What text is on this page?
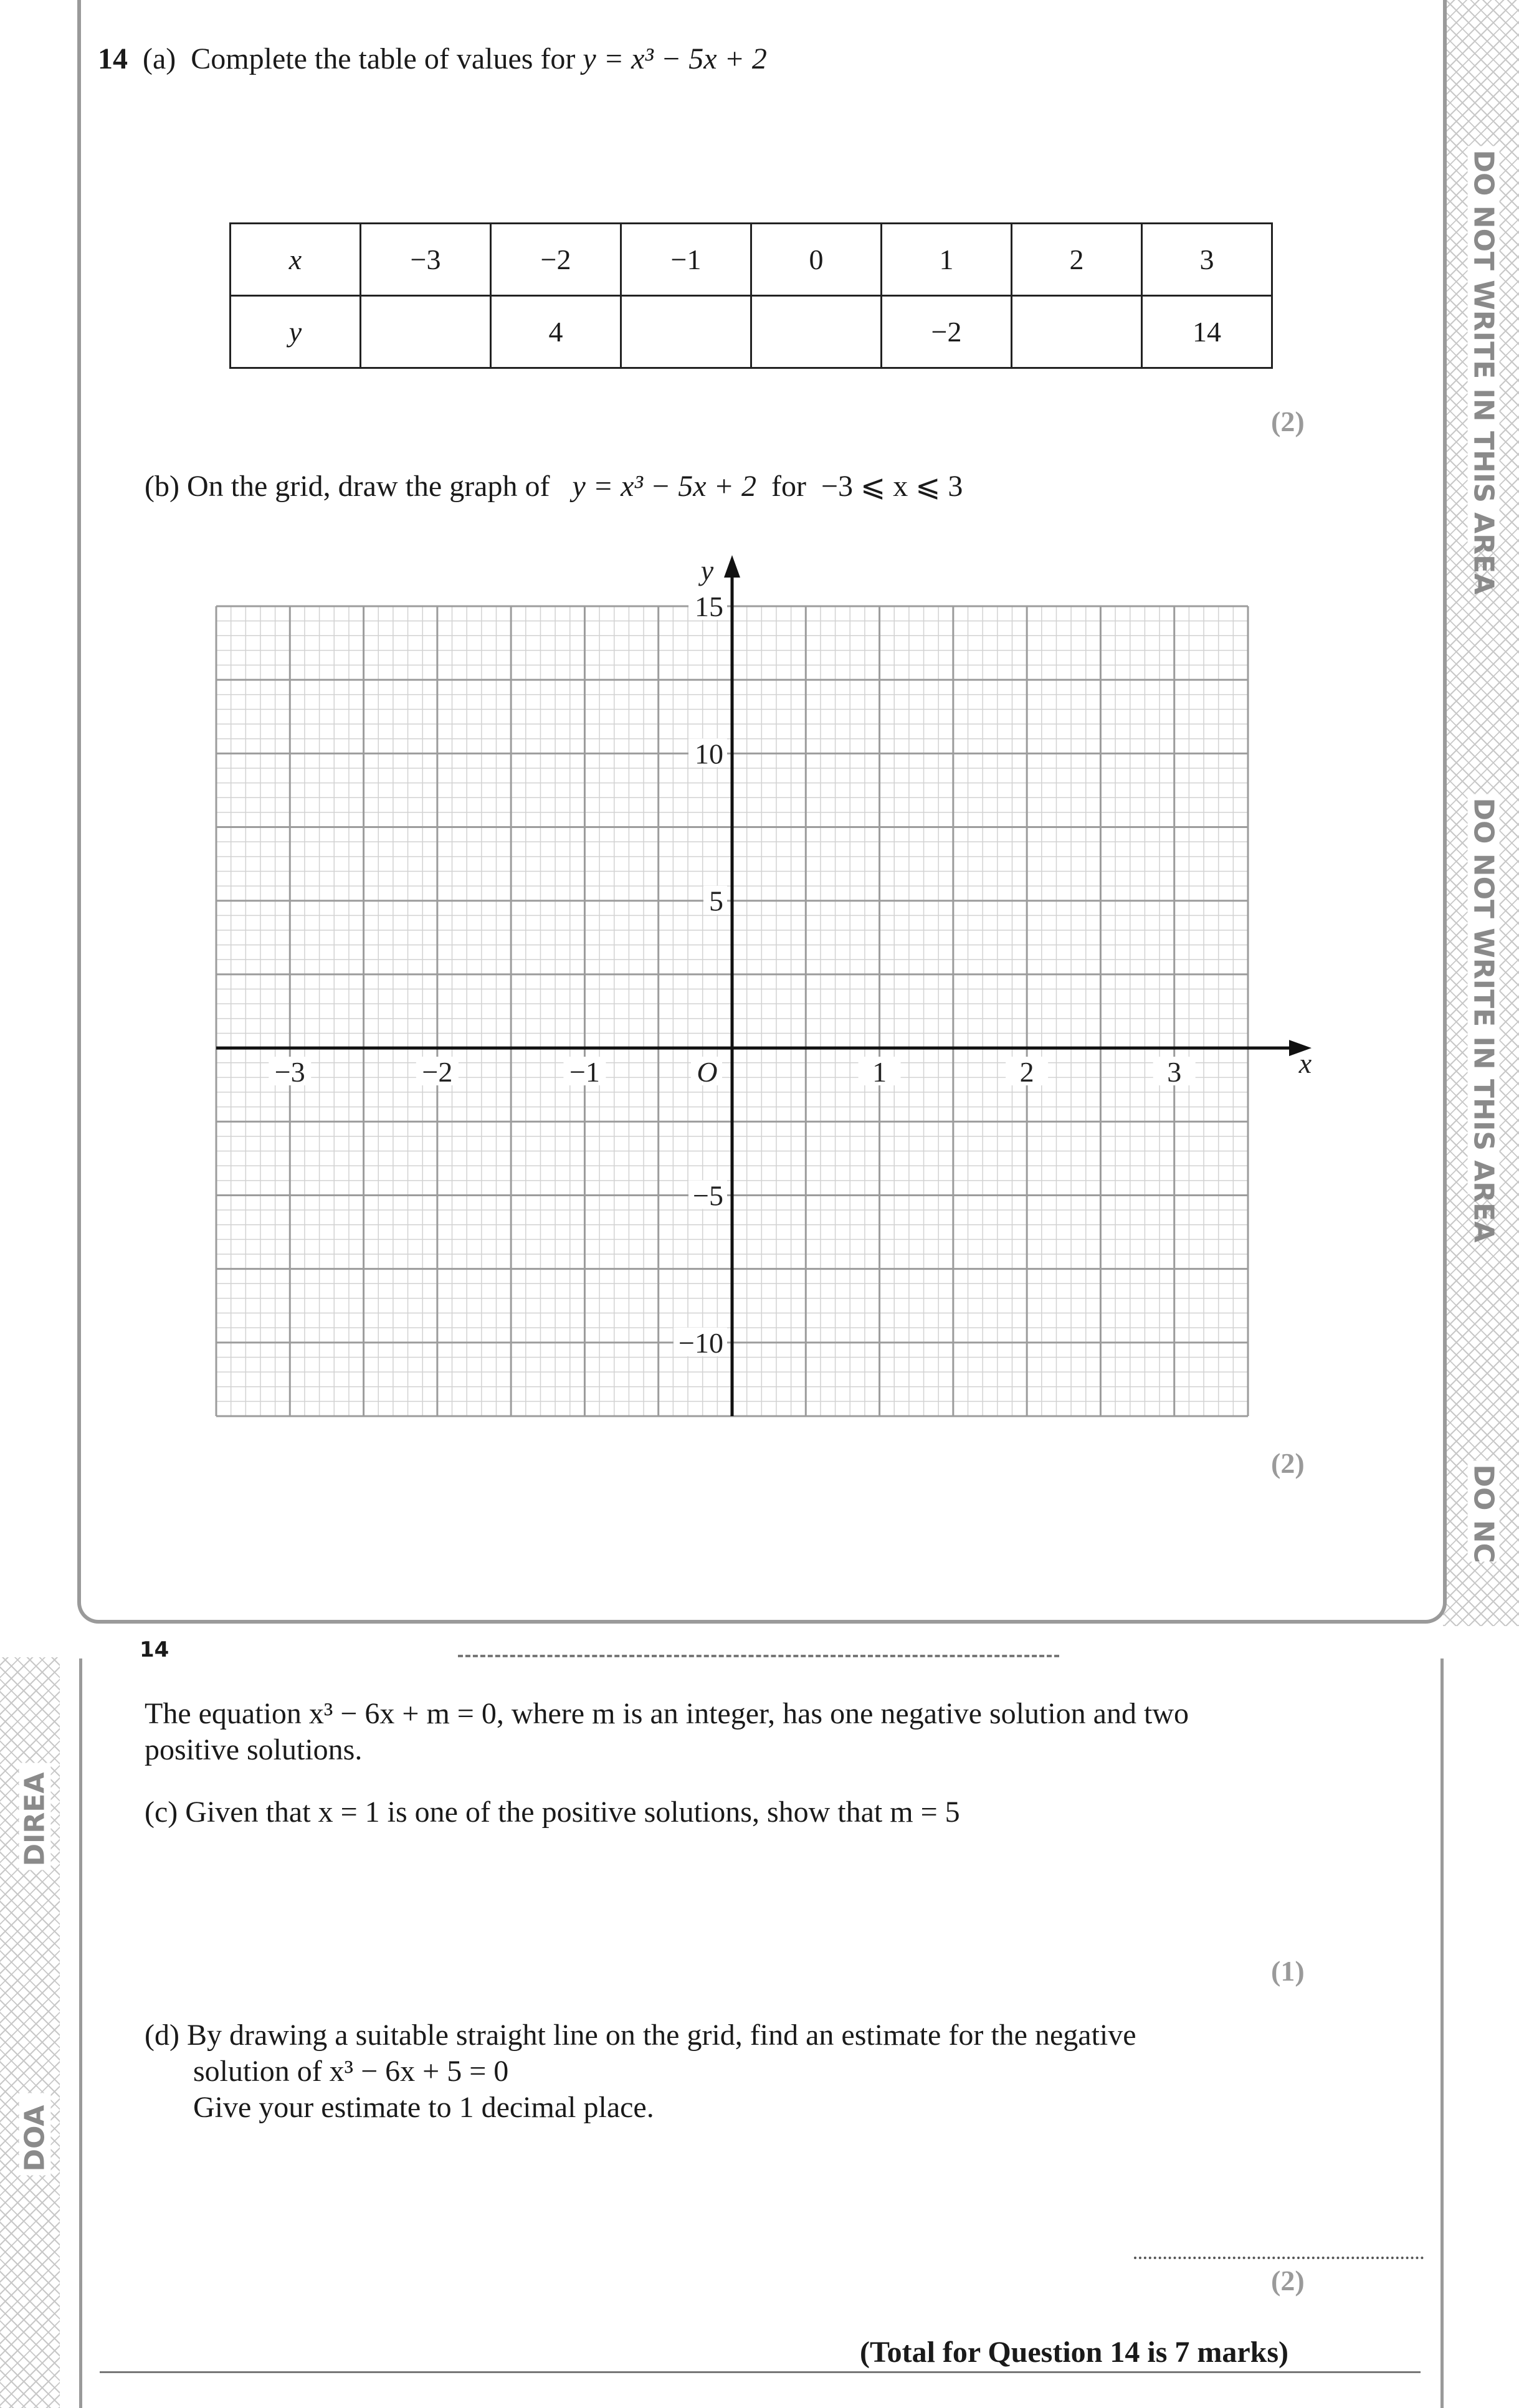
DO NOT WRITE IN THIS AREA
DO NOT WRITE IN THIS AREA
DO NC
DIREA
DOA
14 (a) Complete the table of values for y = x³ − 5x + 2
x	−3	−2	−1	0	1	2	3
y		4			−2		14
(2)
(b) On the grid, draw the graph of y = x³ − 5x + 2 for −3 ⩽ x ⩽ 3
−3	−2	−1	1	2	3
15
10
5
−5
−10
O	x
y
(2)
14
The equation x³ − 6x + m = 0, where m is an integer, has one negative solution and two
positive solutions.
(c) Given that x = 1 is one of the positive solutions, show that m = 5
(1)
(d) By drawing a suitable straight line on the grid, find an estimate for the negative
solution of x³ − 6x + 5 = 0
Give your estimate to 1 decimal place.
(2)
(Total for Question 14 is 7 marks)
